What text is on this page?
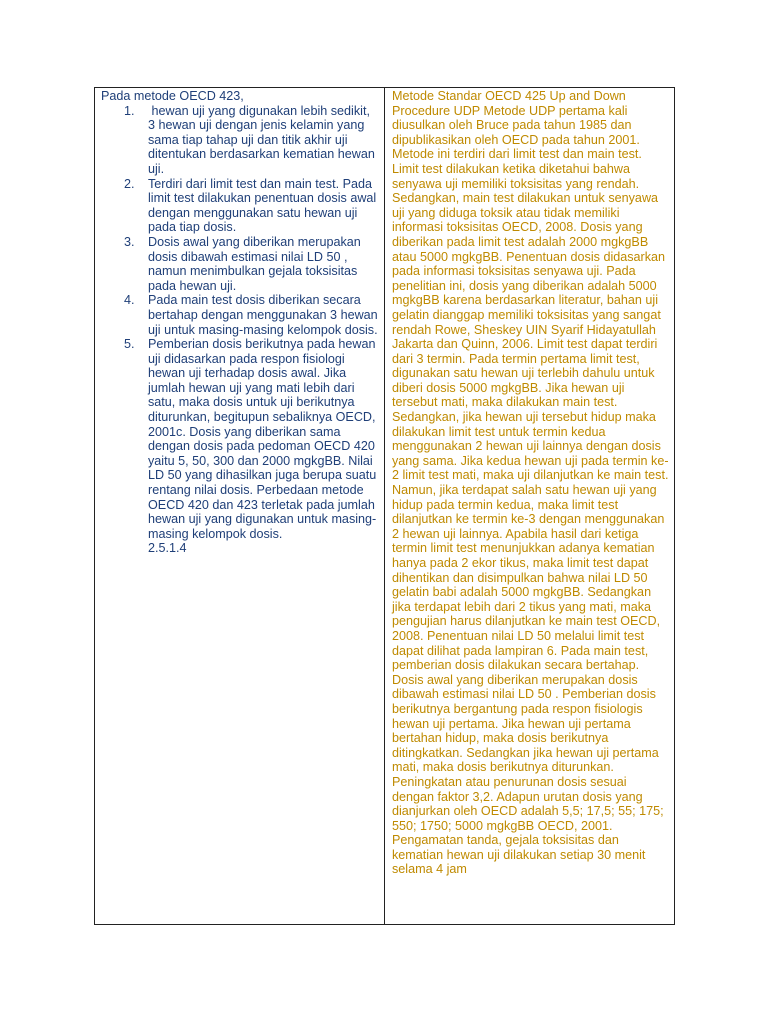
Pada metode OECD 423,

1.	hewan uji yang digunakan lebih sedikit,  3 hewan uji dengan jenis kelamin yang sama tiap tahap uji dan titik akhir uji ditentukan berdasarkan kematian hewan uji.
2.	Terdiri dari limit test dan main test. Pada limit test dilakukan penentuan dosis awal dengan menggunakan satu hewan uji pada tiap dosis.
3.	Dosis awal yang diberikan merupakan dosis dibawah estimasi nilai LD 50 , namun menimbulkan gejala toksisitas pada hewan uji.
4.	Pada main test dosis diberikan secara bertahap dengan menggunakan 3 hewan uji untuk masing-masing kelompok dosis.
5.	Pemberian dosis berikutnya pada hewan uji didasarkan pada respon fisiologi hewan uji terhadap dosis awal. Jika jumlah hewan uji yang mati lebih dari satu, maka dosis untuk uji berikutnya diturunkan, begitupun sebaliknya OECD, 2001c. Dosis yang diberikan sama dengan dosis pada pedoman OECD 420 yaitu 5, 50, 300 dan 2000 mgkgBB. Nilai LD 50 yang dihasilkan juga berupa suatu rentang nilai dosis. Perbedaan metode OECD 420 dan 423 terletak pada jumlah hewan uji yang digunakan untuk masing-masing kelompok dosis.

2.5.1.4

Metode Standar OECD 425 Up and Down Procedure UDP Metode UDP pertama kali diusulkan oleh Bruce pada tahun 1985 dan dipublikasikan oleh OECD pada tahun 2001. Metode ini terdiri dari limit test dan main test. Limit test dilakukan ketika diketahui bahwa senyawa uji memiliki toksisitas yang rendah. Sedangkan, main test dilakukan untuk senyawa uji yang diduga toksik atau tidak memiliki informasi toksisitas OECD, 2008. Dosis yang diberikan pada limit test adalah 2000 mgkgBB atau 5000 mgkgBB. Penentuan dosis didasarkan pada informasi toksisitas senyawa uji. Pada penelitian ini, dosis yang diberikan adalah 5000 mgkgBB karena berdasarkan literatur, bahan uji gelatin dianggap memiliki toksisitas yang sangat rendah Rowe, Sheskey UIN Syarif Hidayatullah Jakarta dan Quinn, 2006. Limit test dapat terdiri dari 3 termin. Pada termin pertama limit test, digunakan satu hewan uji terlebih dahulu untuk diberi dosis 5000 mgkgBB. Jika hewan uji tersebut mati, maka dilakukan main test. Sedangkan, jika hewan uji tersebut hidup maka dilakukan limit test untuk termin kedua menggunakan 2 hewan uji lainnya dengan dosis yang sama. Jika kedua hewan uji pada termin ke-2 limit test mati, maka uji dilanjutkan ke main test. Namun, jika terdapat salah satu hewan uji yang hidup pada termin kedua, maka limit test dilanjutkan ke termin ke-3 dengan menggunakan 2 hewan uji lainnya. Apabila hasil dari ketiga termin limit test menunjukkan adanya kematian hanya pada 2 ekor tikus, maka limit test dapat dihentikan dan disimpulkan bahwa nilai LD 50 gelatin babi adalah 5000 mgkgBB. Sedangkan jika terdapat lebih dari 2 tikus yang mati, maka pengujian harus dilanjutkan ke main test OECD, 2008. Penentuan nilai LD 50 melalui limit test dapat dilihat pada lampiran 6. Pada main test, pemberian dosis dilakukan secara bertahap. Dosis awal yang diberikan merupakan dosis dibawah estimasi nilai LD 50 . Pemberian dosis berikutnya bergantung pada respon fisiologis hewan uji pertama. Jika hewan uji pertama bertahan hidup, maka dosis berikutnya ditingkatkan. Sedangkan jika hewan uji pertama mati, maka dosis berikutnya diturunkan. Peningkatan atau penurunan dosis sesuai dengan faktor 3,2. Adapun urutan dosis yang dianjurkan oleh OECD adalah 5,5; 17,5; 55; 175; 550; 1750; 5000 mgkgBB OECD, 2001. Pengamatan tanda, gejala toksisitas dan kematian hewan uji dilakukan setiap 30 menit selama 4 jam
